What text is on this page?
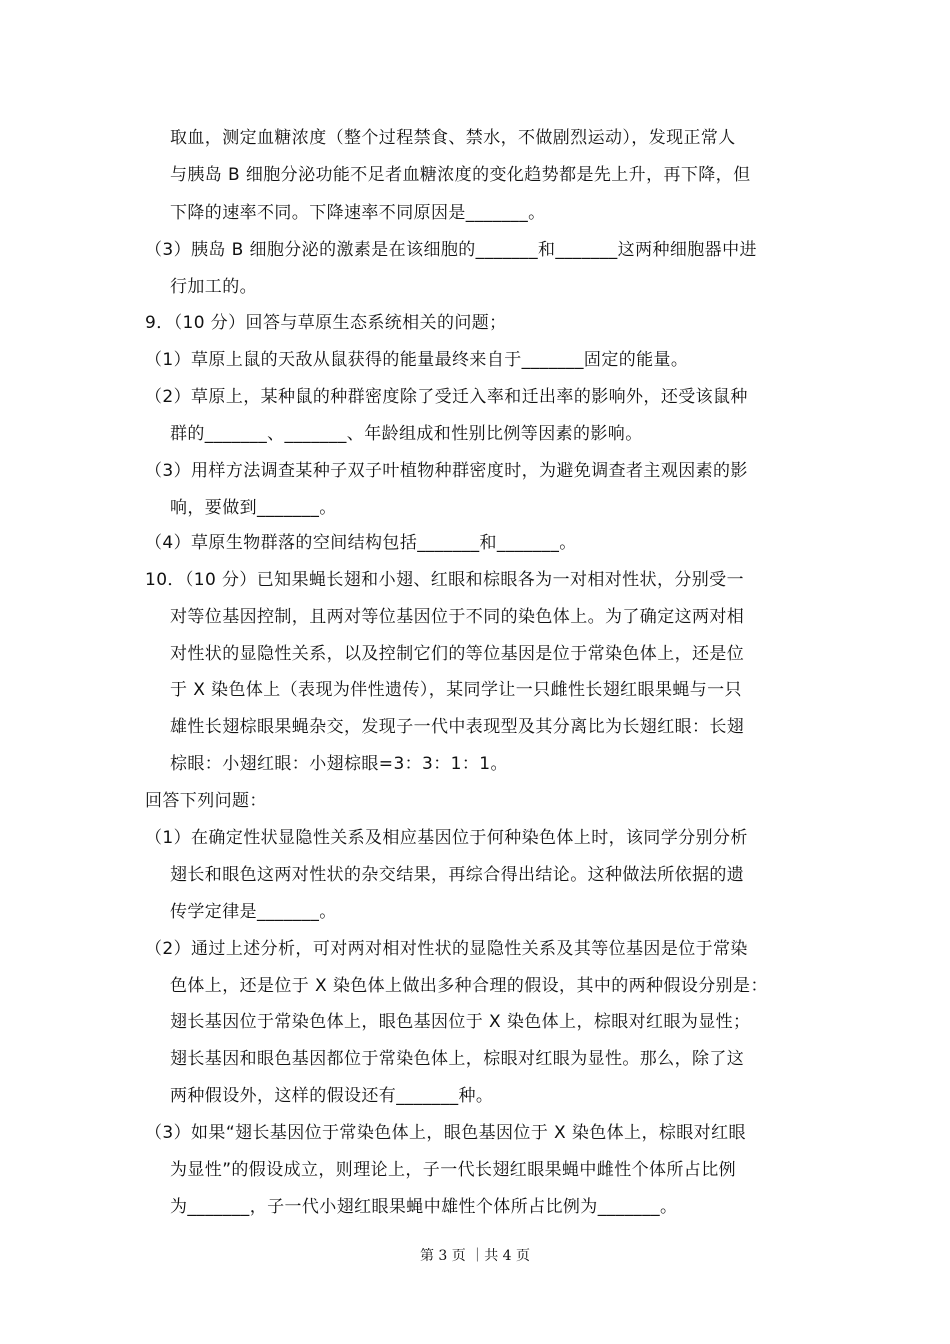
取血，测定血糖浓度（整个过程禁食、禁水，不做剧烈运动），发现正常人
与胰岛 B 细胞分泌功能不足者血糖浓度的变化趋势都是先上升，再下降，但
下降的速率不同。下降速率不同原因是_______。
（3）胰岛 B 细胞分泌的激素是在该细胞的_______和_______这两种细胞器中进
行加工的。
9．（10 分）回答与草原生态系统相关的问题；
（1）草原上鼠的天敌从鼠获得的能量最终来自于_______固定的能量。
（2）草原上，某种鼠的种群密度除了受迁入率和迁出率的影响外，还受该鼠种
群的_______、_______、年龄组成和性别比例等因素的影响。
（3）用样方法调查某种子双子叶植物种群密度时，为避免调查者主观因素的影
响，要做到_______。
（4）草原生物群落的空间结构包括_______和_______。
10．（10 分）已知果蝇长翅和小翅、红眼和棕眼各为一对相对性状，分别受一
对等位基因控制，且两对等位基因位于不同的染色体上。为了确定这两对相
对性状的显隐性关系，以及控制它们的等位基因是位于常染色体上，还是位
于 X 染色体上（表现为伴性遗传），某同学让一只雌性长翅红眼果蝇与一只
雄性长翅棕眼果蝇杂交，发现子一代中表现型及其分离比为长翅红眼：长翅
棕眼：小翅红眼：小翅棕眼=3：3：1：1。
回答下列问题：
（1）在确定性状显隐性关系及相应基因位于何种染色体上时，该同学分别分析
翅长和眼色这两对性状的杂交结果，再综合得出结论。这种做法所依据的遗
传学定律是_______。
（2）通过上述分析，可对两对相对性状的显隐性关系及其等位基因是位于常染
色体上，还是位于 X 染色体上做出多种合理的假设，其中的两种假设分别是：
翅长基因位于常染色体上，眼色基因位于 X 染色体上，棕眼对红眼为显性；
翅长基因和眼色基因都位于常染色体上，棕眼对红眼为显性。那么，除了这
两种假设外，这样的假设还有_______种。
（3）如果“翅长基因位于常染色体上，眼色基因位于 X 染色体上，棕眼对红眼
为显性”的假设成立，则理论上，子一代长翅红眼果蝇中雌性个体所占比例
为_______，子一代小翅红眼果蝇中雄性个体所占比例为_______。
第 3 页 ｜共 4 页
